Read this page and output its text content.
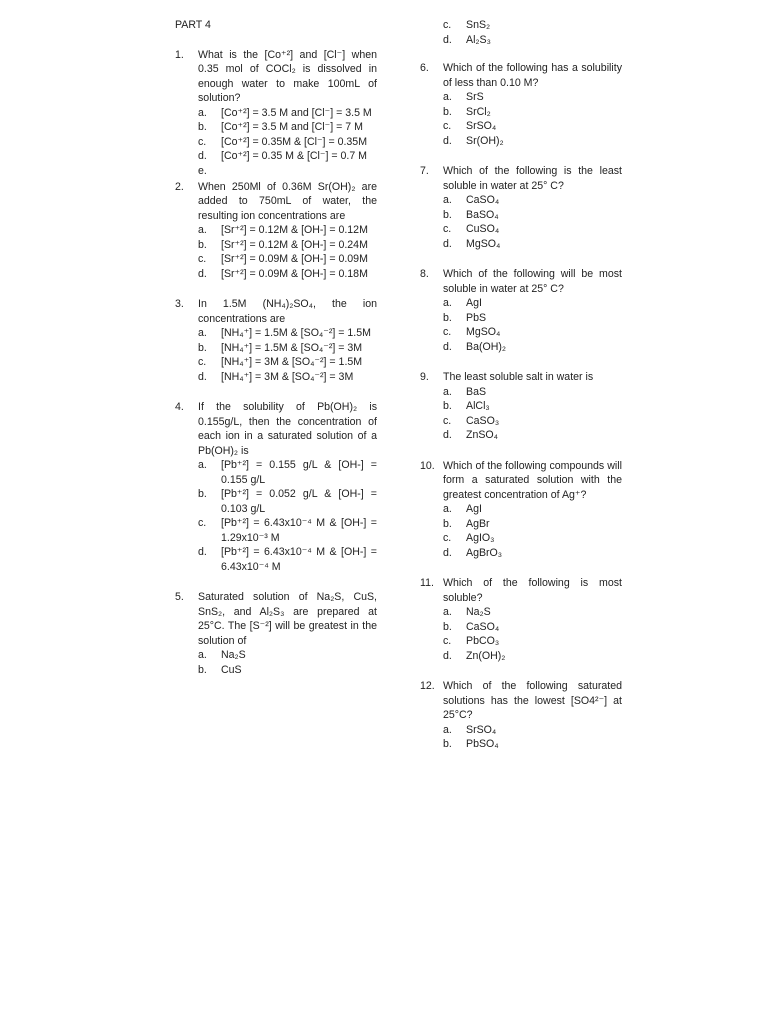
PART 4
1. What is the [Co⁺²] and [Cl⁻] when 0.35 mol of COCl₂ is dissolved in enough water to make 100mL of solution?
a. [Co⁺²] = 3.5 M and [Cl⁻] = 3.5 M
b. [Co⁺²] = 3.5 M and [Cl⁻] = 7 M
c. [Co⁺²] = 0.35M & [Cl⁻] = 0.35M
d. [Co⁺²] = 0.35 M & [Cl⁻] = 0.7 M
e.
2. When 250Ml of 0.36M Sr(OH)₂ are added to 750mL of water, the resulting ion concentrations are
a. [Sr⁺²] = 0.12M & [OH-] = 0.12M
b. [Sr⁺²] = 0.12M & [OH-] = 0.24M
c. [Sr⁺²] = 0.09M & [OH-] = 0.09M
d. [Sr⁺²] = 0.09M & [OH-] = 0.18M
3. In 1.5M (NH₄)₂SO₄, the ion concentrations are
a. [NH₄⁺] = 1.5M & [SO₄⁻²] = 1.5M
b. [NH₄⁺] = 1.5M & [SO₄⁻²] = 3M
c. [NH₄⁺] = 3M & [SO₄⁻²] = 1.5M
d. [NH₄⁺] = 3M & [SO₄⁻²] = 3M
4. If the solubility of Pb(OH)₂ is 0.155g/L, then the concentration of each ion in a saturated solution of a Pb(OH)₂ is
a. [Pb⁺²] = 0.155 g/L & [OH-] = 0.155 g/L
b. [Pb⁺²] = 0.052 g/L & [OH-] = 0.103 g/L
c. [Pb⁺²] = 6.43x10⁻⁴ M & [OH-] = 1.29x10⁻³ M
d. [Pb⁺²] = 6.43x10⁻⁴ M & [OH-] = 6.43x10⁻⁴ M
5. Saturated solution of Na₂S, CuS, SnS₂, and Al₂S₃ are prepared at 25°C. The [S⁻²] will be greatest in the solution of
a. Na₂S
b. CuS
c. SnS₂
d. Al₂S₃
6. Which of the following has a solubility of less than 0.10 M?
a. SrS
b. SrCl₂
c. SrSO₄
d. Sr(OH)₂
7. Which of the following is the least soluble in water at 25° C?
a. CaSO₄
b. BaSO₄
c. CuSO₄
d. MgSO₄
8. Which of the following will be most soluble in water at 25° C?
a. AgI
b. PbS
c. MgSO₄
d. Ba(OH)₂
9. The least soluble salt in water is
a. BaS
b. AlCl₃
c. CaSO₃
d. ZnSO₄
10. Which of the following compounds will form a saturated solution with the greatest concentration of Ag⁺?
a. AgI
b. AgBr
c. AgIO₃
d. AgBrO₃
11. Which of the following is most soluble?
a. Na₂S
b. CaSO₄
c. PbCO₃
d. Zn(OH)₂
12. Which of the following saturated solutions has the lowest [SO4²⁻] at 25°C?
a. SrSO₄
b. PbSO₄
